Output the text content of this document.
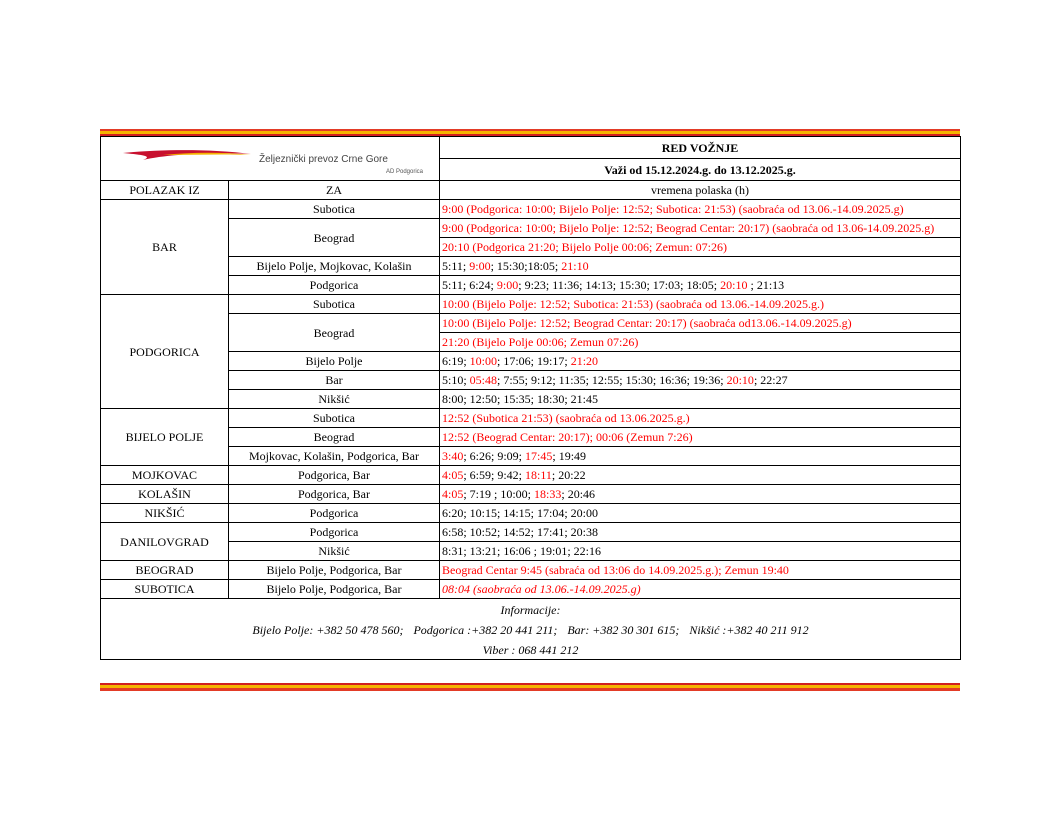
Željeznički prevoz Crne Gore
AD Podgorica		RED VOŽNJE
		Važi od 15.12.2024.g. do 13.12.2025.g.
POLAZAK IZ	ZA	vremena polaska (h)
BAR	Subotica	9:00 (Podgorica: 10:00; Bijelo Polje: 12:52; Subotica: 21:53) (saobraća od 13.06.-14.09.2025.g)
	Beograd	9:00 (Podgorica: 10:00; Bijelo Polje: 12:52; Beograd Centar: 20:17) (saobraća od 13.06-14.09.2025.g)
		20:10 (Podgorica 21:20; Bijelo Polje 00:06; Zemun: 07:26)
	Bijelo Polje, Mojkovac, Kolašin	5:11; 9:00; 15:30;18:05; 21:10
	Podgorica	5:11; 6:24; 9:00; 9:23; 11:36; 14:13; 15:30; 17:03; 18:05; 20:10 ; 21:13
PODGORICA	Subotica	10:00 (Bijelo Polje: 12:52; Subotica: 21:53) (saobraća od 13.06.-14.09.2025.g.)
	Beograd	10:00 (Bijelo Polje: 12:52; Beograd Centar: 20:17) (saobraća od13.06.-14.09.2025.g)
		21:20 (Bijelo Polje 00:06; Zemun 07:26)
	Bijelo Polje	6:19; 10:00; 17:06; 19:17; 21:20
	Bar	5:10; 05:48; 7:55; 9:12; 11:35; 12:55; 15:30; 16:36; 19:36; 20:10; 22:27
	Nikšić	8:00; 12:50; 15:35; 18:30; 21:45
BIJELO POLJE	Subotica	12:52 (Subotica 21:53) (saobraća od 13.06.2025.g.)
	Beograd	12:52 (Beograd Centar: 20:17); 00:06 (Zemun 7:26)
	Mojkovac, Kolašin, Podgorica, Bar	3:40; 6:26; 9:09; 17:45; 19:49
MOJKOVAC	Podgorica, Bar	4:05; 6:59; 9:42; 18:11; 20:22
KOLAŠIN	Podgorica, Bar	4:05; 7:19 ; 10:00; 18:33; 20:46
NIKŠIĆ	Podgorica	6:20; 10:15; 14:15; 17:04; 20:00
DANILOVGRAD	Podgorica	6:58; 10:52; 14:52; 17:41; 20:38
	Nikšić	8:31; 13:21; 16:06 ; 19:01; 22:16
BEOGRAD	Bijelo Polje, Podgorica, Bar	Beograd Centar 9:45 (sabraća od 13:06 do 14.09.2025.g.); Zemun 19:40
SUBOTICA	Bijelo Polje, Podgorica, Bar	08:04 (saobraća od 13.06.-14.09.2025.g)
Informacije:		
Bijelo Polje: +382 50 478 560; Podgorica :+382 20 441 211; Bar: +382 30 301 615; Nikšić :+382 40 211 912		
Viber : 068 441 212		
